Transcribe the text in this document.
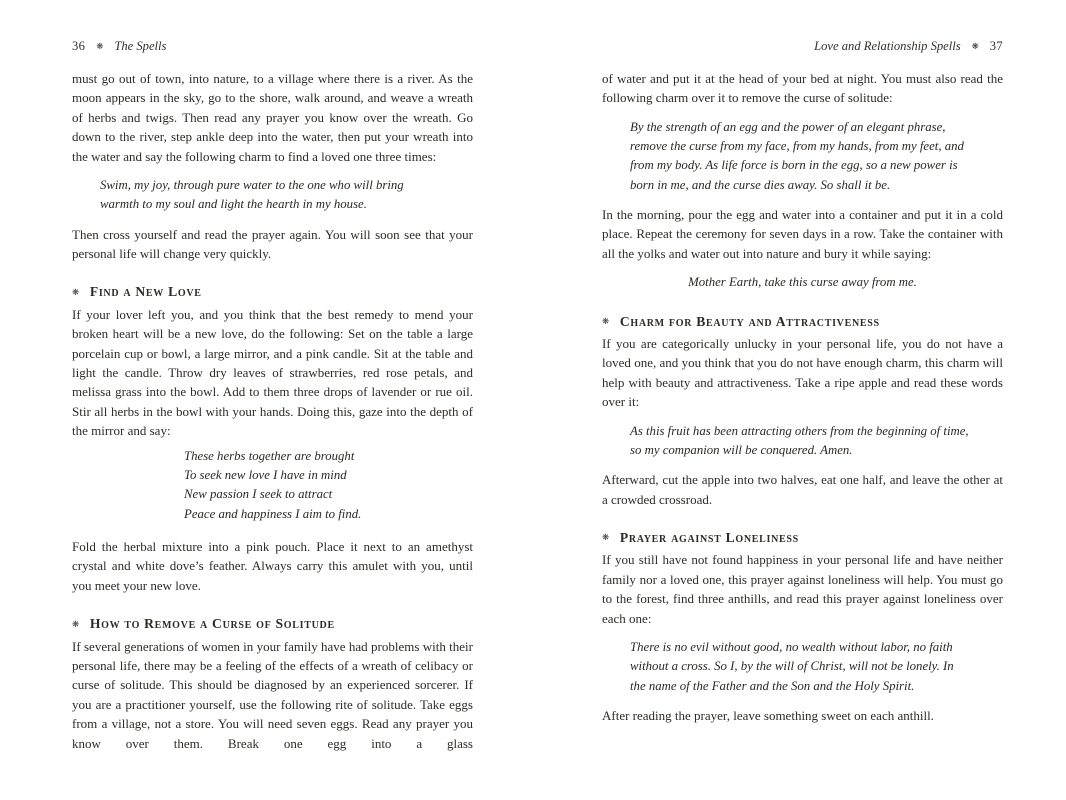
36 ❋ The Spells

must go out of town, into nature, to a village where there is a river. As the moon appears in the sky, go to the shore, walk around, and weave a wreath of herbs and twigs. Then read any prayer you know over the wreath. Go down to the river, step ankle deep into the water, then put your wreath into the water and say the following charm to find a loved one three times:

Swim, my joy, through pure water to the one who will bring
warmth to my soul and light the hearth in my house.

Then cross yourself and read the prayer again. You will soon see that your personal life will change very quickly.

❋ Find a New Love

If your lover left you, and you think that the best remedy to mend your broken heart will be a new love, do the following: Set on the table a large porcelain cup or bowl, a large mirror, and a pink candle. Sit at the table and light the candle. Throw dry leaves of strawberries, red rose petals, and melissa grass into the bowl. Add to them three drops of lavender or rue oil. Stir all herbs in the bowl with your hands. Doing this, gaze into the depth of the mirror and say:

These herbs together are brought
To seek new love I have in mind
New passion I seek to attract
Peace and happiness I aim to find.

Fold the herbal mixture into a pink pouch. Place it next to an amethyst crystal and white dove’s feather. Always carry this amulet with you, until you meet your new love.

❋ How to Remove a Curse of Solitude

If several generations of women in your family have had problems with their personal life, there may be a feeling of the effects of a wreath of celibacy or curse of solitude. This should be diagnosed by an experienced sorcerer. If you are a practitioner yourself, use the following rite of solitude. Take eggs from a village, not a store. You will need seven eggs. Read any prayer you know over them. Break one egg into a glass

Love and Relationship Spells ❋ 37

of water and put it at the head of your bed at night. You must also read the following charm over it to remove the curse of solitude:

By the strength of an egg and the power of an elegant phrase,
remove the curse from my face, from my hands, from my feet, and
from my body. As life force is born in the egg, so a new power is
born in me, and the curse dies away. So shall it be.

In the morning, pour the egg and water into a container and put it in a cold place. Repeat the ceremony for seven days in a row. Take the container with all the yolks and water out into nature and bury it while saying:

Mother Earth, take this curse away from me.
❋ Charm for Beauty and Attractiveness

If you are categorically unlucky in your personal life, you do not have a loved one, and you think that you do not have enough charm, this charm will help with beauty and attractiveness. Take a ripe apple and read these words over it:

As this fruit has been attracting others from the beginning of time,
so my companion will be conquered. Amen.

Afterward, cut the apple into two halves, eat one half, and leave the other at a crowded crossroad.

❋ Prayer against Loneliness

If you still have not found happiness in your personal life and have neither family nor a loved one, this prayer against loneliness will help. You must go to the forest, find three anthills, and read this prayer against loneliness over each one:

There is no evil without good, no wealth without labor, no faith
without a cross. So I, by the will of Christ, will not be lonely. In
the name of the Father and the Son and the Holy Spirit.

After reading the prayer, leave something sweet on each anthill.
